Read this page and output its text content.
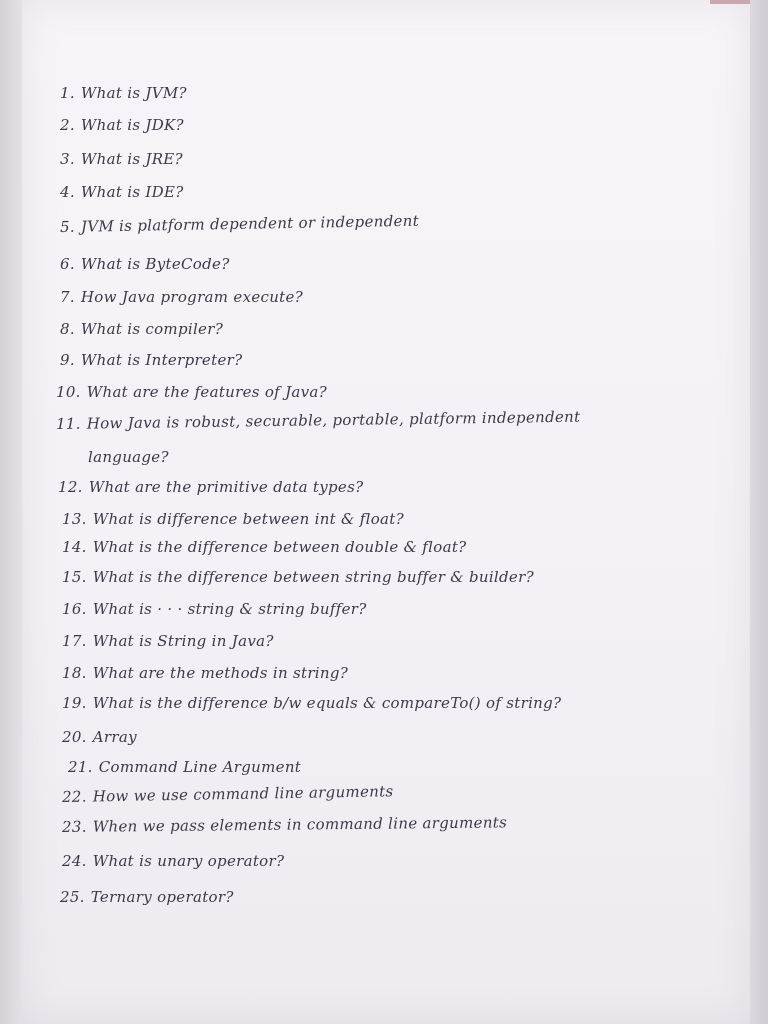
1. What is JVM?
2. What is JDK?
3. What is JRE?
4. What is IDE?
5. JVM is platform dependent or independent
6. What is ByteCode?
7. How Java program execute?
8. What is compiler?
9. What is Interpreter?
10. What are the features of Java?
11. How Java is robust, securable, portable, platform independent
language?
12. What are the primitive data types?
13. What is difference between int & float?
14. What is the difference between double & float?
15. What is the difference between string buffer & builder?
16. What is · · · string & string buffer?
17. What is String in Java?
18. What are the methods in string?
19. What is the difference b/w equals & compareTo() of string?
20. Array
21. Command Line Argument
22. How we use command line arguments
23. When we pass elements in command line arguments
24. What is unary operator?
25. Ternary operator?
